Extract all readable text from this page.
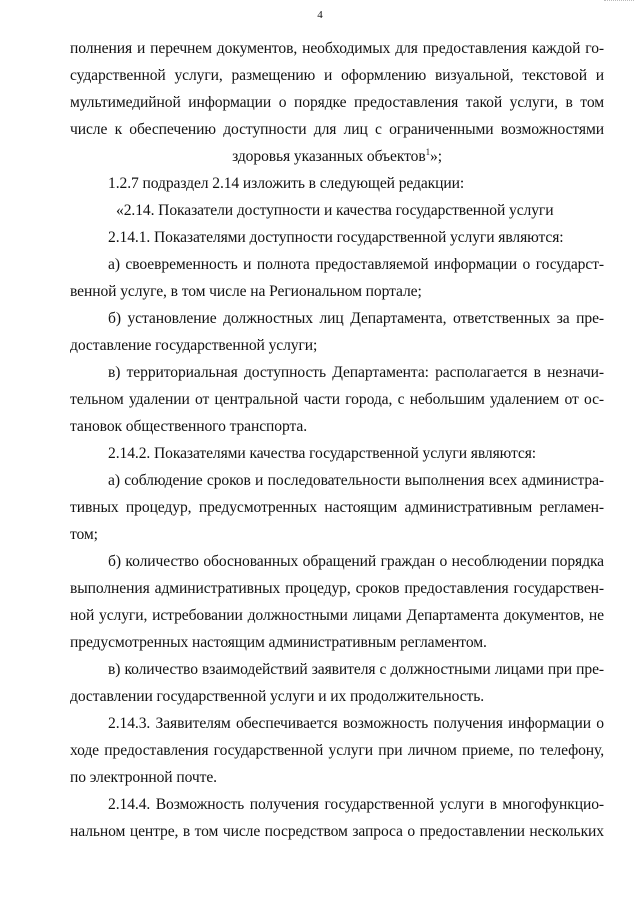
4
полнения и перечнем документов, необходимых для предоставления каждой го-
сударственной услуги, размещению и оформлению визуальной, текстовой и
мультимедийной информации о порядке предоставления такой услуги, в том
числе к обеспечению доступности для лиц с ограниченными возможностями
здоровья указанных объектов$^1$»;
1.2.7 подраздел 2.14 изложить в следующей редакции:
«2.14. Показатели доступности и качества государственной услуги
2.14.1. Показателями доступности государственной услуги являются:
а) своевременность и полнота предоставляемой информации о государст-
венной услуге, в том числе на Региональном портале;
б) установление должностных лиц Департамента, ответственных за пре-
доставление государственной услуги;
в) территориальная доступность Департамента: располагается в незначи-
тельном удалении от центральной части города, с небольшим удалением от ос-
тановок общественного транспорта.
2.14.2. Показателями качества государственной услуги являются:
а) соблюдение сроков и последовательности выполнения всех администра-
тивных процедур, предусмотренных настоящим административным регламен-
том;
б) количество обоснованных обращений граждан о несоблюдении порядка
выполнения административных процедур, сроков предоставления государствен-
ной услуги, истребовании должностными лицами Департамента документов, не
предусмотренных настоящим административным регламентом.
в) количество взаимодействий заявителя с должностными лицами при пре-
доставлении государственной услуги и их продолжительность.
2.14.3. Заявителям обеспечивается возможность получения информации о
ходе предоставления государственной услуги при личном приеме, по телефону,
по электронной почте.
2.14.4. Возможность получения государственной услуги в многофункцио-
нальном центре, в том числе посредством запроса о предоставлении нескольких
